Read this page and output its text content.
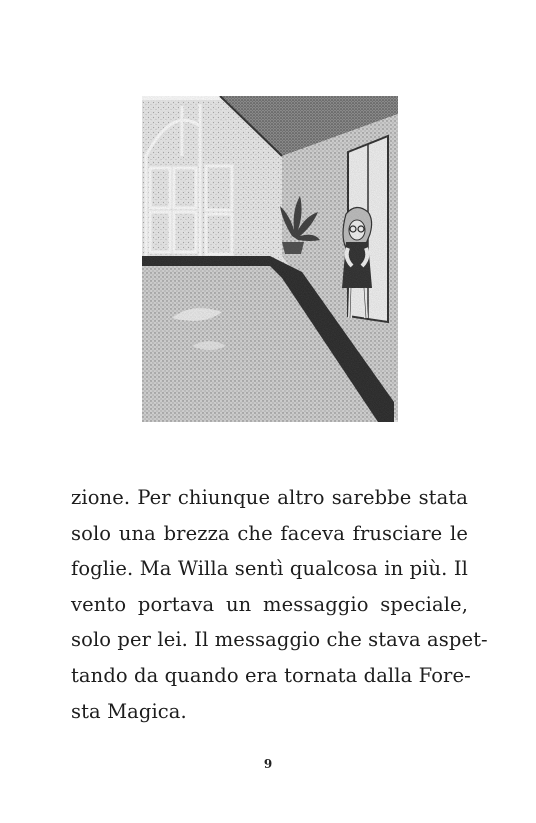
zione. Per chiunque altro sarebbe stata
solo una brezza che faceva frusciare le
foglie. Ma Willa sentì qualcosa in più. Il
vento portava un messaggio speciale,
solo per lei. Il messaggio che stava aspet-
tando da quando era tornata dalla Fore-
sta Magica.
9
